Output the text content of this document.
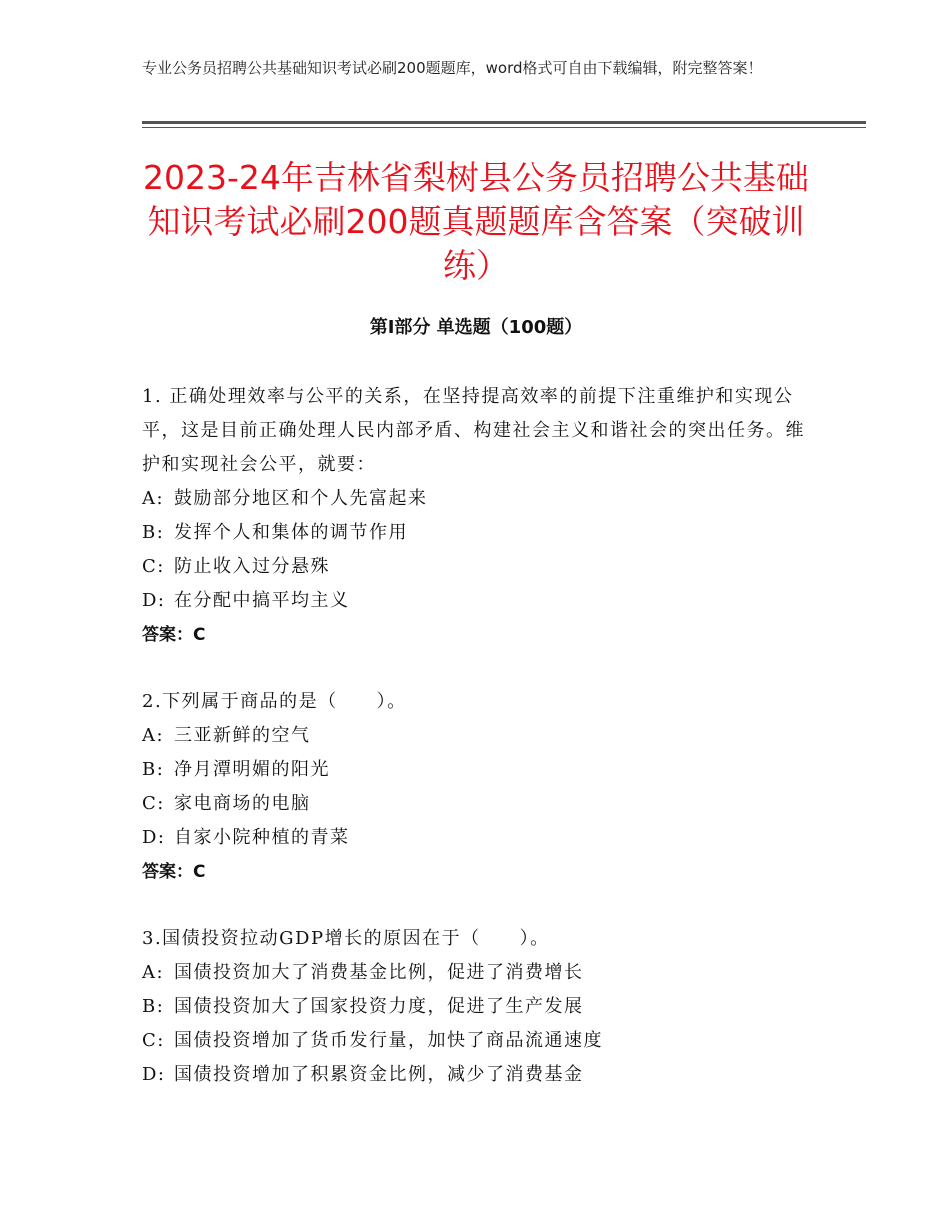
专业公务员招聘公共基础知识考试必刷200题题库，word格式可自由下载编辑，附完整答案！
2023-24年吉林省梨树县公务员招聘公共基础知识考试必刷200题真题题库含答案（突破训练）
第Ⅰ部分 单选题（100题）
1. 正确处理效率与公平的关系，在坚持提高效率的前提下注重维护和实现公平，这是目前正确处理人民内部矛盾、构建社会主义和谐社会的突出任务。维护和实现社会公平，就要：
A: 鼓励部分地区和个人先富起来
B: 发挥个人和集体的调节作用
C: 防止收入过分悬殊
D: 在分配中搞平均主义
答案：C
2.下列属于商品的是（　　）。
A: 三亚新鲜的空气
B: 净月潭明媚的阳光
C: 家电商场的电脑
D: 自家小院种植的青菜
答案：C
3.国债投资拉动GDP增长的原因在于（　　）。
A: 国债投资加大了消费基金比例，促进了消费增长
B: 国债投资加大了国家投资力度，促进了生产发展
C: 国债投资增加了货币发行量，加快了商品流通速度
D: 国债投资增加了积累资金比例，减少了消费基金
